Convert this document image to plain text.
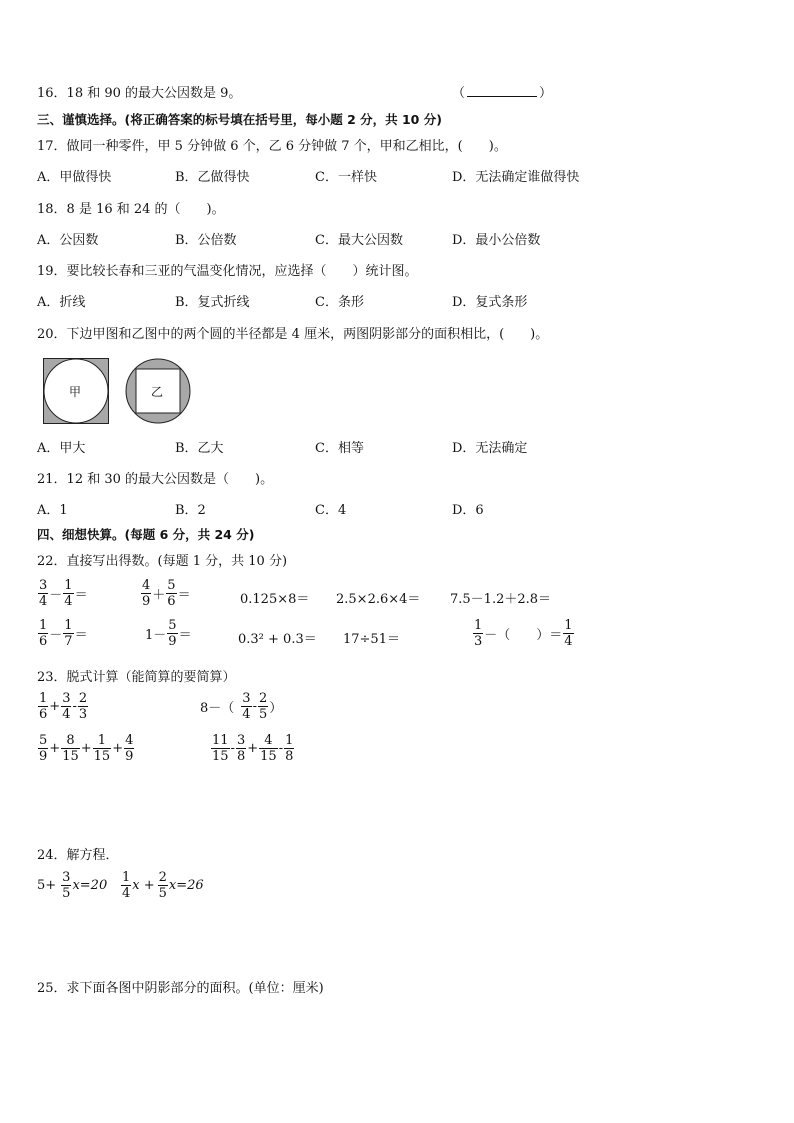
16．18 和 90 的最大公因数是 9。	（	）
三、谨慎选择。(将正确答案的标号填在括号里，每小题 2 分，共 10 分)
17．做同一种零件，甲 5 分钟做 6 个，乙 6 分钟做 7 个，甲和乙相比，(　　)。
A．甲做得快	B．乙做得快	C．一样快	D．无法确定谁做得快
18．8 是 16 和 24 的（　　)。
A．公因数	B．公倍数	C．最大公因数	D．最小公倍数
19．要比较长春和三亚的气温变化情况，应选择（　　）统计图。
A．折线	B．复式折线	C．条形	D．复式条形
20．下边甲图和乙图中的两个圆的半径都是 4 厘米，两图阴影部分的面积相比，(　　)。
甲	乙
A．甲大	B．乙大	C．相等	D．无法确定
21．12 和 30 的最大公因数是（　　)。
A．1	B．2	C．4	D．6
四、细想快算。(每题 6 分，共 24 分)
22．直接写出得数。(每题 1 分，共 10 分)
$\frac{3}{4} - \frac{1}{4}$ ＝	$\frac{4}{9} + \frac{5}{6}$ ＝	0.125×8＝ 2.5×2.6×4＝ 7.5－1.2＋2.8＝
$\frac{1}{6} - \frac{1}{7}$ ＝	$1- \frac{5}{9}$ ＝	0.3² + 0.3＝ 17÷51＝	$\frac{1}{3}$ －（　　）＝ $\frac{1}{4}$
23．脱式计算（能简算的要简算）
$\frac{1}{6} + \frac{3}{4} - \frac{2}{3}$	$8-( \frac{3}{4} - \frac{2}{5}$ ）
$\frac{5}{9} + \frac{8}{15} + \frac{1}{15} + \frac{4}{9}$	$\frac{11}{15} - \frac{3}{8} + \frac{4}{15} - \frac{1}{8}$
24．解方程．
$5+ \frac{3}{5} x=20 \frac{1}{4}$ $x + \frac{2}{5} x=26$
25．求下面各图中阴影部分的面积。(单位：厘米)
